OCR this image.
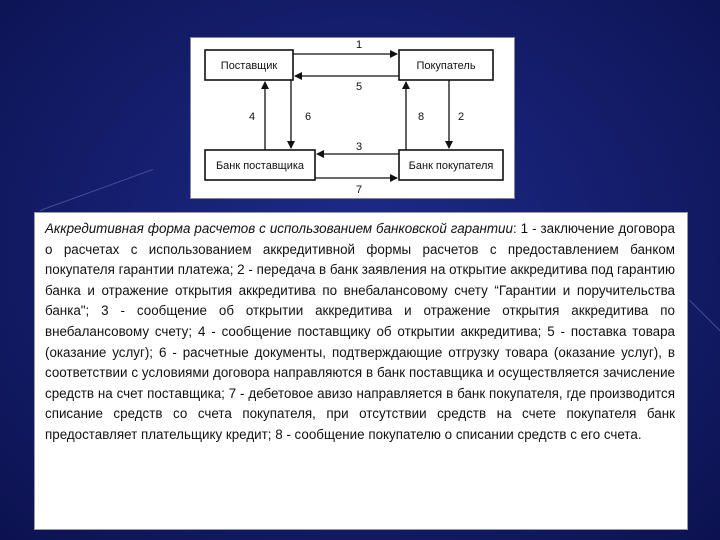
Поставщик	Покупатель
Банк поставщика	Банк покупателя
1
5
4	6	8	2
3
7
Аккредитивная форма расчетов с использованием банковской гарантии: 1 - заключение договора о расчетах с использованием аккредитивной формы расчетов с предоставлением банком покупателя гарантии платежа; 2 - передача в банк заявления на открытие аккредитива под гарантию банка и отражение открытия аккредитива по внебалансовому счету “Гарантии и поручительства банка"; 3 - сообщение об открытии аккредитива и отражение открытия аккредитива по внебалансовому счету; 4 - сообщение поставщику об открытии аккредитива; 5 - поставка товара (оказание услуг); 6 - расчетные документы, подтверждающие отгрузку товара (оказание услуг), в соответствии с условиями договора направляются в банк поставщика и осуществляется зачисление средств на счет поставщика; 7 - дебетовое авизо направляется в банк покупателя, где производится списание средств со счета покупателя, при отсутствии средств на счете покупателя банк предоставляет плательщику кредит; 8 - сообщение покупателю о списании средств с его счета.
